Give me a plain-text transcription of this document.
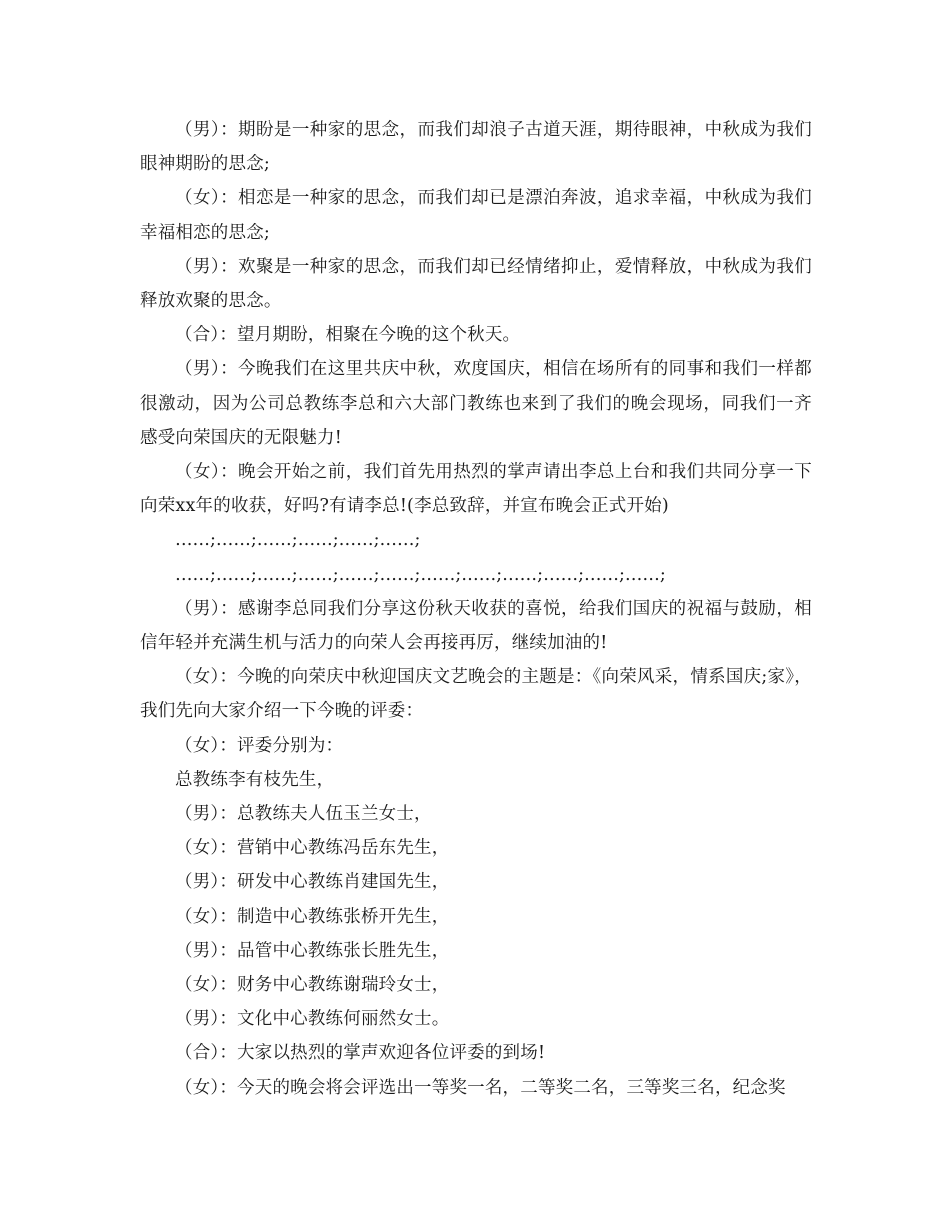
（男）：期盼是一种家的思念，而我们却浪子古道天涯，期待眼神，中秋成为我们眼神期盼的思念;

（女）：相恋是一种家的思念，而我们却已是漂泊奔波，追求幸福，中秋成为我们幸福相恋的思念;

（男）：欢聚是一种家的思念，而我们却已经情绪抑止，爱情释放，中秋成为我们释放欢聚的思念。

（合）：望月期盼，相聚在今晚的这个秋天。

（男）：今晚我们在这里共庆中秋，欢度国庆，相信在场所有的同事和我们一样都很激动，因为公司总教练李总和六大部门教练也来到了我们的晚会现场，同我们一齐感受向荣国庆的无限魅力!

（女）：晚会开始之前，我们首先用热烈的掌声请出李总上台和我们共同分享一下向荣xx年的收获，好吗?有请李总!(李总致辞，并宣布晚会正式开始)

……;……;……;……;……;……;

……;……;……;……;……;……;……;……;……;……;……;……;

（男）：感谢李总同我们分享这份秋天收获的喜悦，给我们国庆的祝福与鼓励，相信年轻并充满生机与活力的向荣人会再接再厉，继续加油的!

（女）：今晚的向荣庆中秋迎国庆文艺晚会的主题是：《向荣风采，情系国庆;家》，我们先向大家介绍一下今晚的评委：

（女）：评委分别为：

总教练李有枝先生，

（男）：总教练夫人伍玉兰女士，

（女）：营销中心教练冯岳东先生，

（男）：研发中心教练肖建国先生，

（女）：制造中心教练张桥开先生，

（男）：品管中心教练张长胜先生，

（女）：财务中心教练谢瑞玲女士，

（男）：文化中心教练何丽然女士。

（合）：大家以热烈的掌声欢迎各位评委的到场!

（女）：今天的晚会将会评选出一等奖一名，二等奖二名，三等奖三名，纪念奖
